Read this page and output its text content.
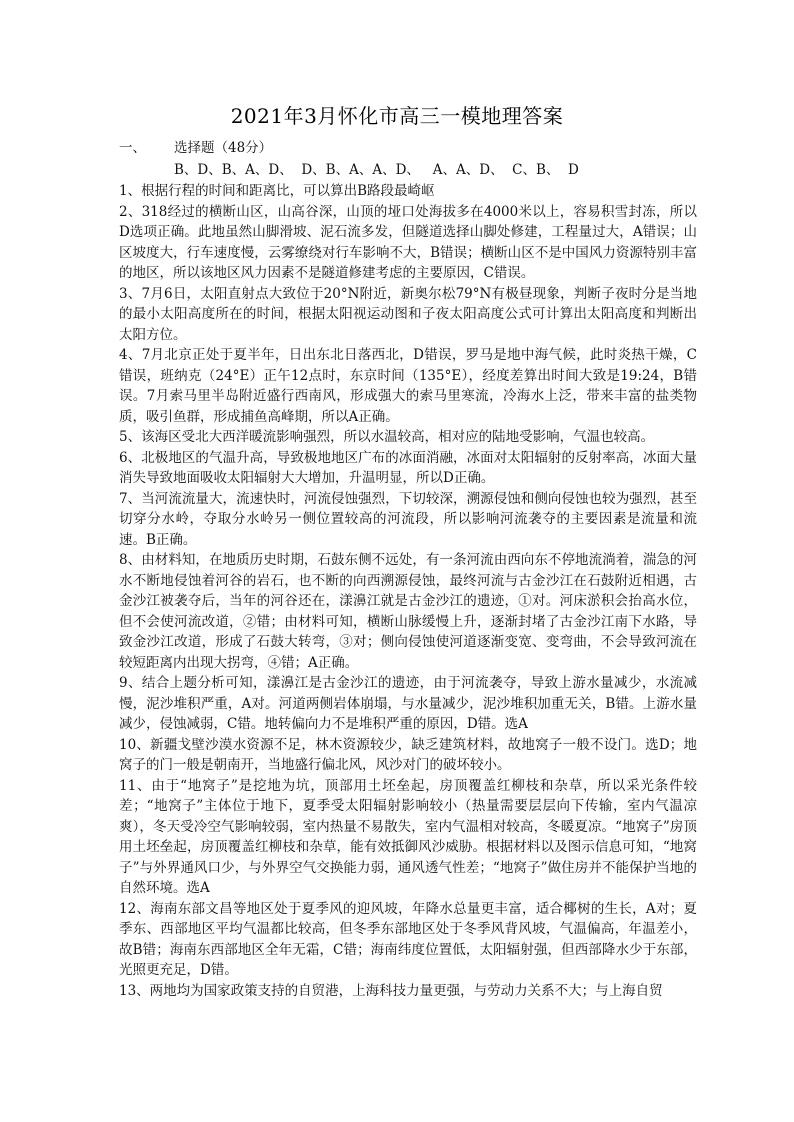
2021年3月怀化市高三一模地理答案
一、 选择题（48分）
B、D、B、A、D、  D、B、A、A、D、   A、A、D、  C、B、  D

1、根据行程的时间和距离比，可以算出B路段最崎岖

2、318经过的横断山区，山高谷深，山顶的垭口处海拔多在4000米以上，容易积雪封冻，所以D选项正确。此地虽然山脚滑坡、泥石流多发，但隧道选择山脚处修建，工程量过大，A错误；山区坡度大，行车速度慢，云雾缭绕对行车影响不大，B错误；横断山区不是中国风力资源特别丰富的地区，所以该地区风力因素不是隧道修建考虑的主要原因，C错误。

3、7月6日，太阳直射点大致位于20°N附近，新奥尔松79°N有极昼现象，判断子夜时分是当地的最小太阳高度所在的时间，根据太阳视运动图和子夜太阳高度公式可计算出太阳高度和判断出太阳方位。

4、7月北京正处于夏半年，日出东北日落西北，D错误，罗马是地中海气候，此时炎热干燥，C错误，班纳克（24°E）正午12点时，东京时间（135°E），经度差算出时间大致是19:24，B错误。7月索马里半岛附近盛行西南风，形成强大的索马里寒流，冷海水上泛，带来丰富的盐类物质，吸引鱼群，形成捕鱼高峰期，所以A正确。

5、该海区受北大西洋暖流影响强烈，所以水温较高，相对应的陆地受影响，气温也较高。

6、北极地区的气温升高，导致极地地区广布的冰面消融，冰面对太阳辐射的反射率高，冰面大量消失导致地面吸收太阳辐射大大增加，升温明显，所以D正确。

7、当河流流量大，流速快时，河流侵蚀强烈，下切较深，溯源侵蚀和侧向侵蚀也较为强烈，甚至切穿分水岭，夺取分水岭另一侧位置较高的河流段，所以影响河流袭夺的主要因素是流量和流速。B正确。

8、由材料知，在地质历史时期，石鼓东侧不远处，有一条河流由西向东不停地流淌着，湍急的河水不断地侵蚀着河谷的岩石，也不断的向西溯源侵蚀，最终河流与古金沙江在石鼓附近相遇，古金沙江被袭夺后，当年的河谷还在，漾濞江就是古金沙江的遗迹，①对。河床淤积会抬高水位，但不会使河流改道，②错；由材料可知，横断山脉缓慢上升，逐渐封堵了古金沙江南下水路，导致金沙江改道，形成了石鼓大转弯，③对；侧向侵蚀使河道逐渐变宽、变弯曲，不会导致河流在较短距离内出现大拐弯，④错；A正确。

9、结合上题分析可知，漾濞江是古金沙江的遗迹，由于河流袭夺，导致上游水量减少，水流减慢，泥沙堆积严重，A对。河道两侧岩体崩塌，与水量减少，泥沙堆积加重无关，B错。上游水量减少，侵蚀减弱，C错。地转偏向力不是堆积严重的原因，D错。选A

10、新疆戈壁沙漠水资源不足，林木资源较少，缺乏建筑材料，故地窝子一般不设门。选D；地窝子的门一般是朝南开，当地盛行偏北风，风沙对门的破坏较小。

11、由于“地窝子”是挖地为坑，顶部用土坯垒起，房顶覆盖红柳枝和杂草，所以采光条件较差；“地窝子”主体位于地下，夏季受太阳辐射影响较小（热量需要层层向下传输，室内气温凉爽），冬天受冷空气影响较弱，室内热量不易散失，室内气温相对较高，冬暖夏凉。“地窝子”房顶用土坯垒起，房顶覆盖红柳枝和杂草，能有效抵御风沙威胁。根据材料以及图示信息可知，“地窝子”与外界通风口少，与外界空气交换能力弱，通风透气性差；“地窝子”做住房并不能保护当地的自然环境。选A

12、海南东部文昌等地区处于夏季风的迎风坡，年降水总量更丰富，适合椰树的生长，A对；夏季东、西部地区平均气温都比较高，但冬季东部地区处于冬季风背风坡，气温偏高，年温差小，故B错；海南东西部地区全年无霜，C错；海南纬度位置低，太阳辐射强，但西部降水少于东部，光照更充足，D错。

13、两地均为国家政策支持的自贸港，上海科技力量更强，与劳动力关系不大；与上海自贸
